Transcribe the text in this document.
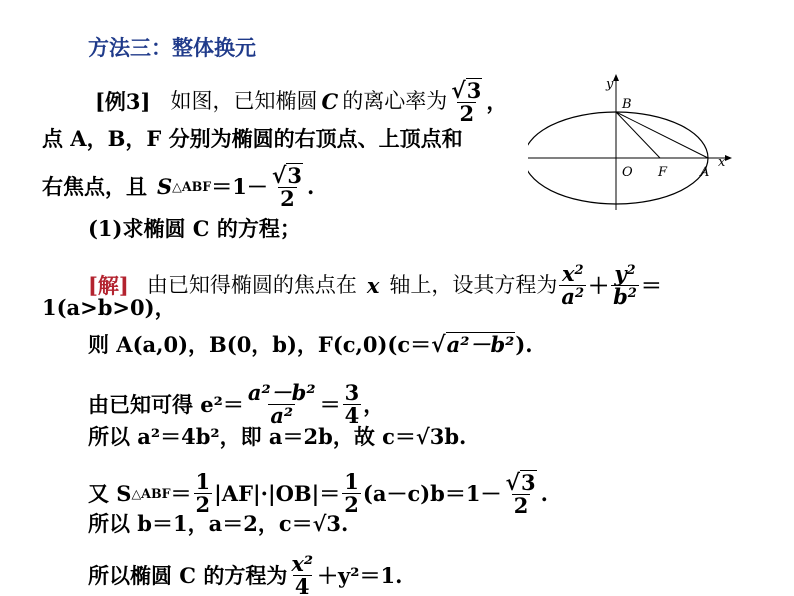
方法三：整体换元
[例3] 如图，已知椭圆 C 的离心率为 $\frac{√ 3}{2}$ ，
点 A，B，F 分别为椭圆的右顶点、上顶点和
右焦点，且 S △ABF $=1- \frac{√ 3}{2}$ .
(1)求椭圆 C 的方程；
y
x
B
O F	A
[解] 由已知得椭圆的焦点在 x 轴上，设其方程为 $\frac{x^2}{a^2} + \frac{y^2}{b^2}$ ＝
1(a>b>0)，
则 A(a,0)，B(0，b)，F(c,0)(c＝ √ a²－b² ).
由已知可得 $e^2= \frac{\text{a²－b²}}{\text{a²}} = \frac{3}{4}$ ，
所以 a²＝4b²，即 a＝2b，故 c＝√3b.
又 S △ABF ＝ $\frac{1}{2} |AF|\cdot|OB|= \frac{1}{2} (a-c)b=1- \frac{√ 3}{2}$ .
所以 b＝1，a＝2，c＝√3.
所以椭圆 C 的方程为 $\frac{\text{x²}}{4} +y^2=1$.
